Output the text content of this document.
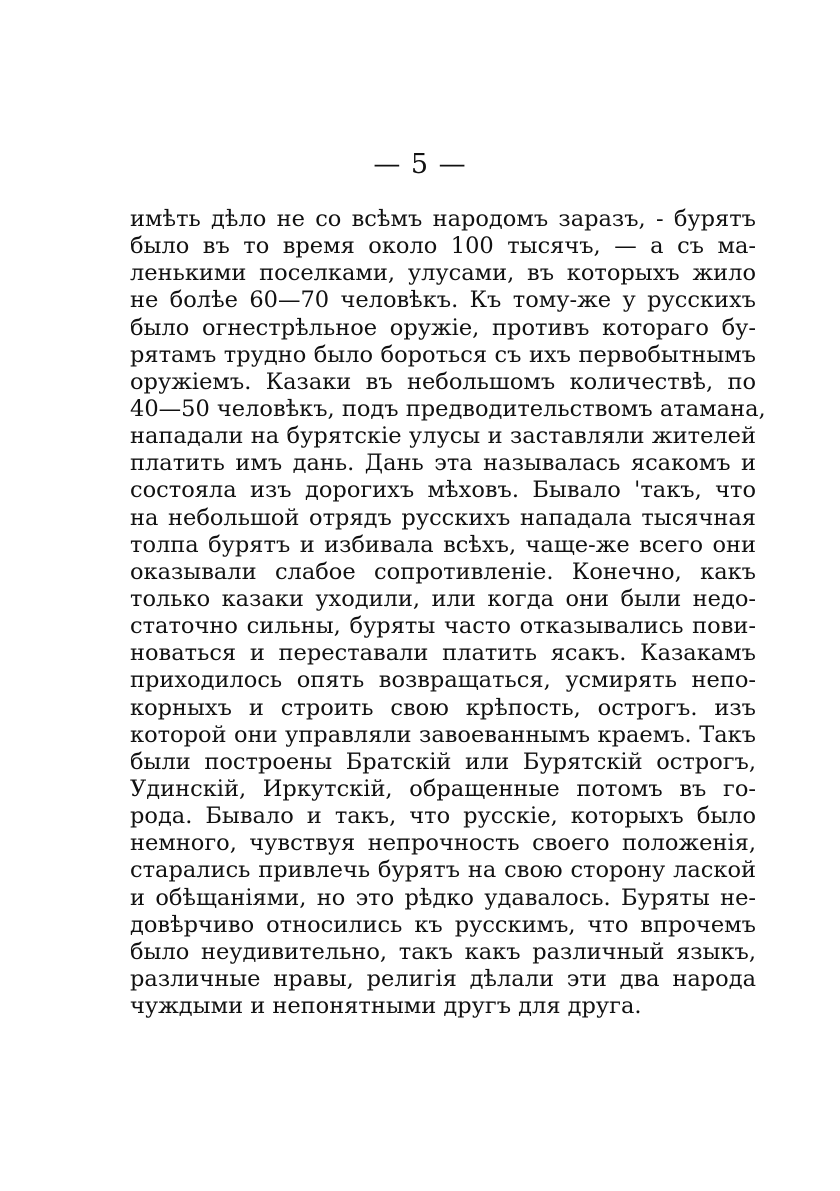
— 5 —
имѣть дѣло не со всѣмъ народомъ заразъ, - бурятъ
было въ то время около 100 тысячъ, — а съ ма-
ленькими поселками, улусами, въ которыхъ жило
не болѣе 60—70 человѣкъ. Къ тому-же у русскихъ
было огнестрѣльное оружіе, противъ котораго бу-
рятамъ трудно было бороться съ ихъ первобытнымъ
оружіемъ. Казаки въ небольшомъ количествѣ, по
40—50 человѣкъ, подъ предводительствомъ атамана,
нападали на бурятскіе улусы и заставляли жителей
платить имъ дань. Дань эта называлась ясакомъ и
состояла изъ дорогихъ мѣховъ. Бывало 'такъ, что
на небольшой отрядъ русскихъ нападала тысячная
толпа бурятъ и избивала всѣхъ, чаще-же всего они
оказывали слабое сопротивленіе. Конечно, какъ
только казаки уходили, или когда они были недо-
статочно сильны, буряты часто отказывались пови-
новаться и переставали платить ясакъ. Казакамъ
приходилось опять возвращаться, усмирять непо-
корныхъ и строить свою крѣпость, острогъ. изъ
которой они управляли завоеваннымъ краемъ. Такъ
были построены Братскій или Бурятскій острогъ,
Удинскій, Иркутскій, обращенные потомъ въ го-
рода. Бывало и такъ, что русскіе, которыхъ было
немного, чувствуя непрочность своего положенія,
старались привлечь бурятъ на свою сторону лаской
и обѣщаніями, но это рѣдко удавалось. Буряты не-
довѣрчиво относились къ русскимъ, что впрочемъ
было неудивительно, такъ какъ различный языкъ,
различные нравы, религія дѣлали эти два народа
чуждыми и непонятными другъ для друга.
